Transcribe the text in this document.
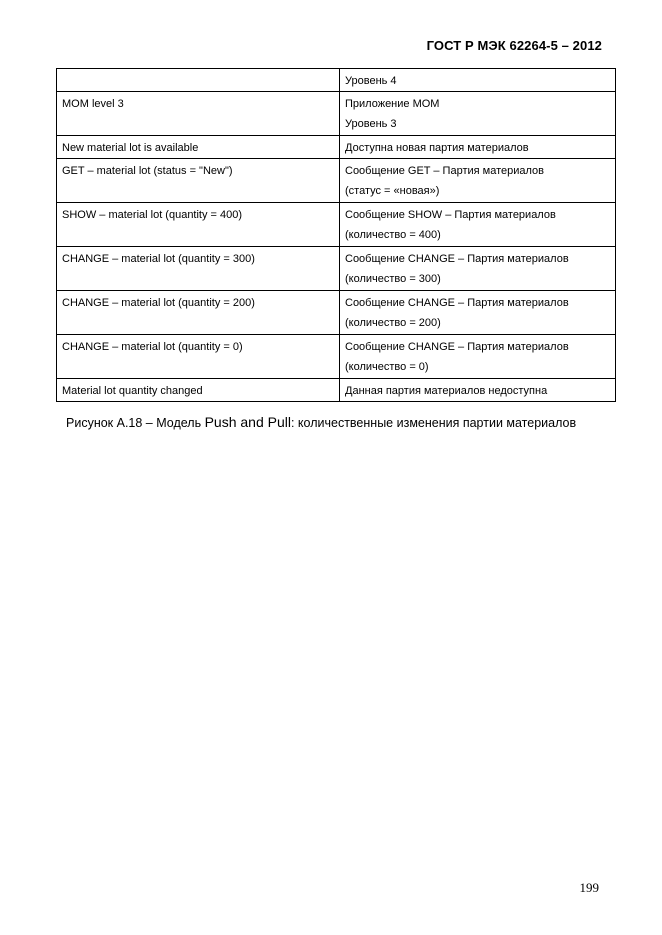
ГОСТ Р МЭК 62264-5 – 2012

	Уровень 4

MOM level 3	Приложение МОМ
Уровень 3

New material lot is available	Доступна новая партия материалов

GET – material lot (status = "New")	Сообщение GET – Партия материалов
(статус = «новая»)

SHOW – material lot (quantity = 400)	Сообщение SHOW – Партия материалов
(количество = 400)

CHANGE – material lot (quantity = 300)	Сообщение CHANGE – Партия материалов
(количество = 300)

CHANGE – material lot (quantity = 200)	Сообщение CHANGE – Партия материалов
(количество = 200)

CHANGE – material lot (quantity = 0)	Сообщение CHANGE – Партия материалов
(количество = 0)

Material lot quantity changed	Данная партия материалов недоступна
Рисунок А.18 – Модель Push and Pull: количественные изменения партии материалов
199
